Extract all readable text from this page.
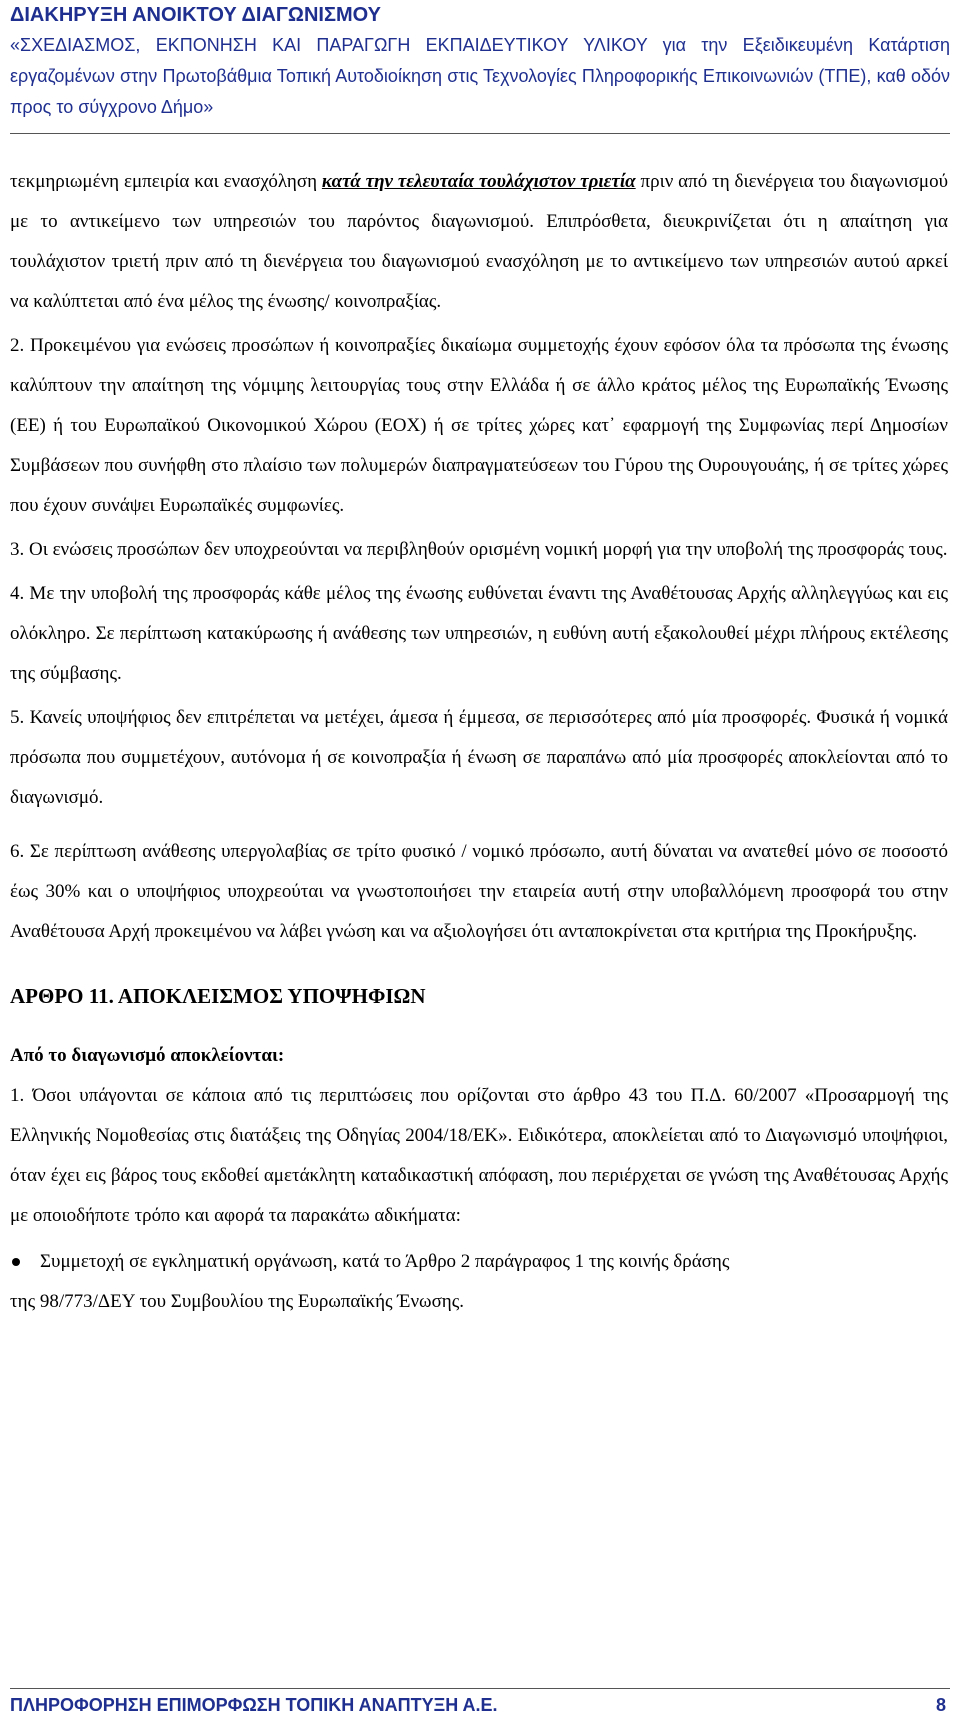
ΔΙΑΚΗΡΥΞΗ ΑΝΟΙΚΤΟΥ ΔΙΑΓΩΝΙΣΜΟΥ

«ΣΧΕΔΙΑΣΜΟΣ, ΕΚΠΟΝΗΣΗ ΚΑΙ ΠΑΡΑΓΩΓΗ ΕΚΠΑΙΔΕΥΤΙΚΟΥ ΥΛΙΚΟΥ για την Εξειδικευμένη Κατάρτιση εργαζομένων στην Πρωτοβάθμια Τοπική Αυτοδιοίκηση στις Τεχνολογίες Πληροφορικής Επικοινωνιών (ΤΠΕ), καθ οδόν προς το σύγχρονο Δήμο»

τεκμηριωμένη εμπειρία και ενασχόληση κατά την τελευταία τουλάχιστον τριετία πριν από τη διενέργεια του διαγωνισμού με το αντικείμενο των υπηρεσιών του παρόντος διαγωνισμού. Επιπρόσθετα, διευκρινίζεται ότι η απαίτηση για τουλάχιστον τριετή πριν από τη διενέργεια του διαγωνισμού ενασχόληση με το αντικείμενο των υπηρεσιών αυτού αρκεί να καλύπτεται από ένα μέλος της ένωσης/ κοινοπραξίας.

2. Προκειμένου για ενώσεις προσώπων ή κοινοπραξίες δικαίωμα συμμετοχής έχουν εφόσον όλα τα πρόσωπα της ένωσης καλύπτουν την απαίτηση της νόμιμης λειτουργίας τους στην Ελλάδα ή σε άλλο κράτος μέλος της Ευρωπαϊκής Ένωσης (ΕΕ) ή του Ευρωπαϊκού Οικονομικού Χώρου (ΕΟΧ) ή σε τρίτες χώρες κατ᾽ εφαρμογή της Συμφωνίας περί Δημοσίων Συμβάσεων που συνήφθη στο πλαίσιο των πολυμερών διαπραγματεύσεων του Γύρου της Ουρουγουάης, ή σε τρίτες χώρες που έχουν συνάψει Ευρωπαϊκές συμφωνίες.

3. Οι ενώσεις προσώπων δεν υποχρεούνται να περιβληθούν ορισμένη νομική μορφή για την υποβολή της προσφοράς τους.

4. Με την υποβολή της προσφοράς κάθε μέλος της ένωσης ευθύνεται έναντι της Αναθέτουσας Αρχής αλληλεγγύως και εις ολόκληρο. Σε περίπτωση κατακύρωσης ή ανάθεσης των υπηρεσιών, η ευθύνη αυτή εξακολουθεί μέχρι πλήρους εκτέλεσης της σύμβασης.

5. Κανείς υποψήφιος δεν επιτρέπεται να μετέχει, άμεσα ή έμμεσα, σε περισσότερες από μία προσφορές. Φυσικά ή νομικά πρόσωπα που συμμετέχουν, αυτόνομα ή σε κοινοπραξία ή ένωση σε παραπάνω από μία προσφορές αποκλείονται από το διαγωνισμό.

6. Σε περίπτωση ανάθεσης υπεργολαβίας σε τρίτο φυσικό / νομικό πρόσωπο, αυτή δύναται να ανατεθεί μόνο σε ποσοστό έως 30% και ο υποψήφιος υποχρεούται να γνωστοποιήσει την εταιρεία αυτή στην υποβαλλόμενη προσφορά του στην Αναθέτουσα Αρχή προκειμένου να λάβει γνώση και να αξιολογήσει ότι ανταποκρίνεται στα κριτήρια της Προκήρυξης.

ΑΡΘΡΟ 11. ΑΠΟΚΛΕΙΣΜΟΣ ΥΠΟΨΗΦΙΩΝ

Από το διαγωνισμό αποκλείονται:

1. Όσοι υπάγονται σε κάποια από τις περιπτώσεις που ορίζονται στο άρθρο 43 του Π.Δ. 60/2007 «Προσαρμογή της Ελληνικής Νομοθεσίας στις διατάξεις της Οδηγίας 2004/18/ΕΚ». Ειδικότερα, αποκλείεται από το Διαγωνισμό υποψήφιοι, όταν έχει εις βάρος τους εκδοθεί αμετάκλητη καταδικαστική απόφαση, που περιέρχεται σε γνώση της Αναθέτουσας Αρχής με οποιοδήποτε τρόπο και αφορά τα παρακάτω αδικήματα:

Συμμετοχή σε εγκληματική οργάνωση, κατά το Άρθρο 2 παράγραφος 1 της κοινής δράσης

της 98/773/ΔΕΥ του Συμβουλίου της Ευρωπαϊκής Ένωσης.

ΠΛΗΡΟΦΟΡΗΣΗ ΕΠΙΜΟΡΦΩΣΗ ΤΟΠΙΚΗ ΑΝΑΠΤΥΞΗ Α.Ε.	8
